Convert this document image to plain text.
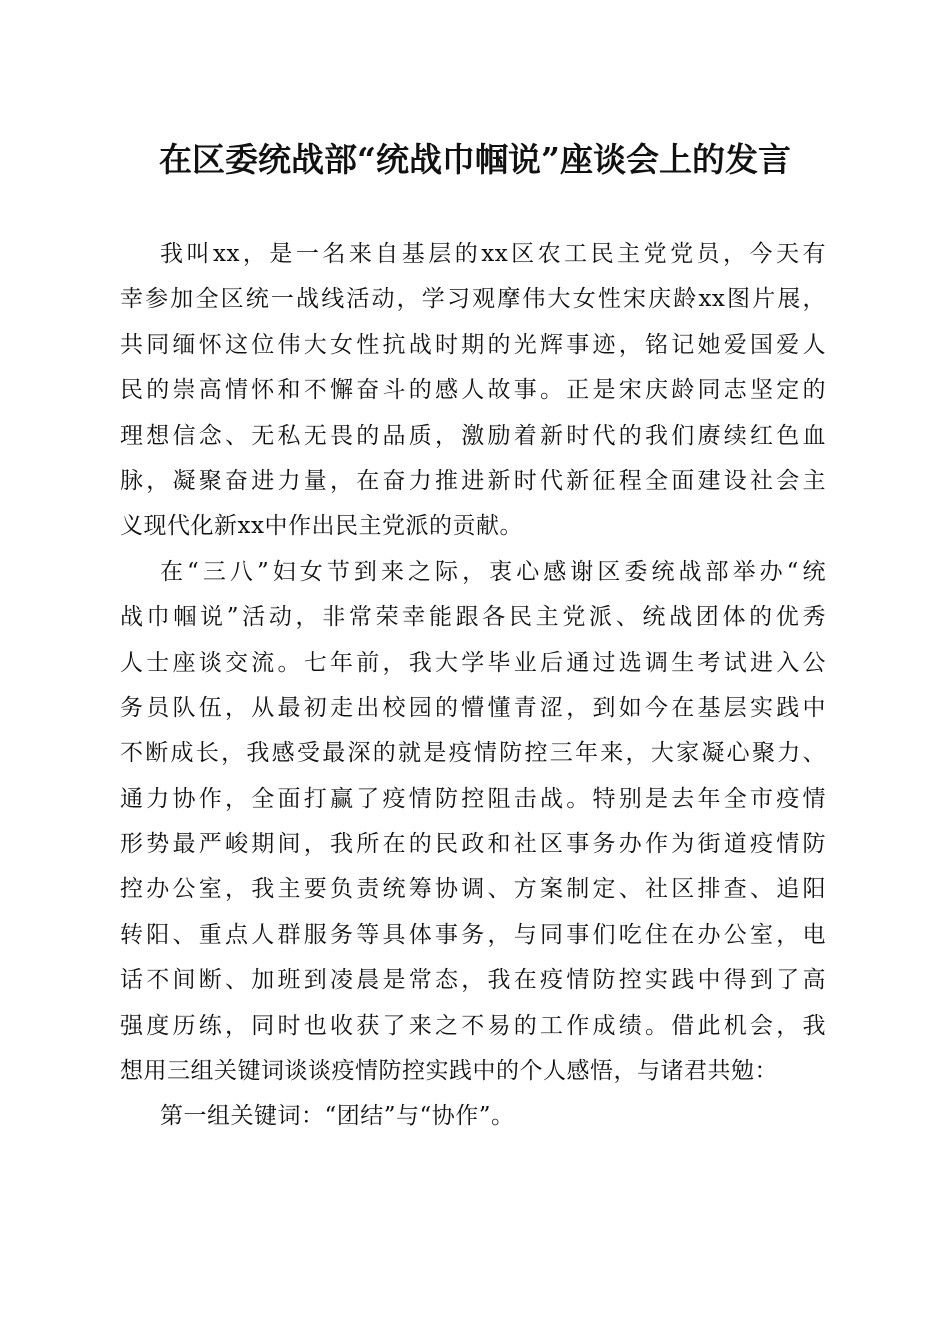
在区委统战部“统战巾帼说”座谈会上的发言
我叫xx，是一名来自基层的xx区农工民主党党员，今天有
幸参加全区统一战线活动，学习观摩伟大女性宋庆龄xx图片展，
共同缅怀这位伟大女性抗战时期的光辉事迹，铭记她爱国爱人
民的崇高情怀和不懈奋斗的感人故事。正是宋庆龄同志坚定的
理想信念、无私无畏的品质，激励着新时代的我们赓续红色血
脉，凝聚奋进力量，在奋力推进新时代新征程全面建设社会主
义现代化新xx中作出民主党派的贡献。
在“三八”妇女节到来之际，衷心感谢区委统战部举办“统
战巾帼说”活动，非常荣幸能跟各民主党派、统战团体的优秀
人士座谈交流。七年前，我大学毕业后通过选调生考试进入公
务员队伍，从最初走出校园的懵懂青涩，到如今在基层实践中
不断成长，我感受最深的就是疫情防控三年来，大家凝心聚力、
通力协作，全面打赢了疫情防控阻击战。特别是去年全市疫情
形势最严峻期间，我所在的民政和社区事务办作为街道疫情防
控办公室，我主要负责统筹协调、方案制定、社区排查、追阳
转阳、重点人群服务等具体事务，与同事们吃住在办公室，电
话不间断、加班到凌晨是常态，我在疫情防控实践中得到了高
强度历练，同时也收获了来之不易的工作成绩。借此机会，我
想用三组关键词谈谈疫情防控实践中的个人感悟，与诸君共勉：
第一组关键词：“团结”与“协作”。
